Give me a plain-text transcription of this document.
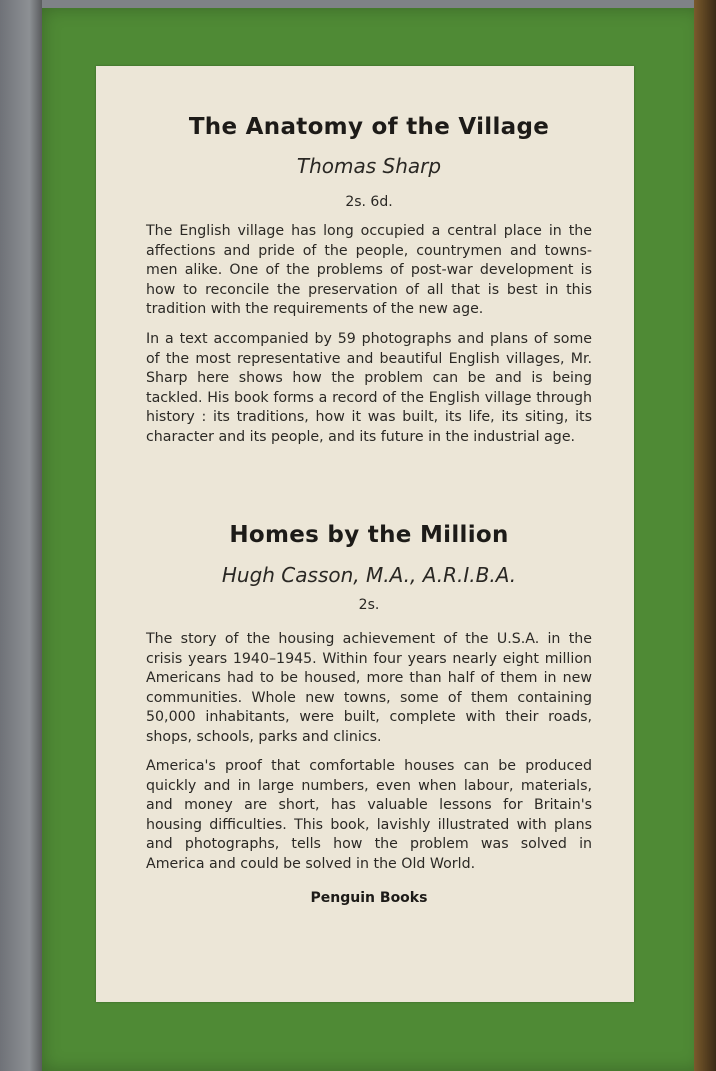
The Anatomy of the Village

Thomas Sharp

2s. 6d.

The English village has long occupied a central place in the affections and pride of the people, countrymen and towns-men alike. One of the problems of post-war development is how to reconcile the preservation of all that is best in this tradition with the requirements of the new age.

In a text accompanied by 59 photographs and plans of some of the most representative and beautiful English villages, Mr. Sharp here shows how the problem can be and is being tackled. His book forms a record of the English village through history : its traditions, how it was built, its life, its siting, its character and its people, and its future in the industrial age.

Homes by the Million

Hugh Casson, M.A., A.R.I.B.A.

2s.

The story of the housing achievement of the U.S.A. in the crisis years 1940–1945. Within four years nearly eight million Americans had to be housed, more than half of them in new communities. Whole new towns, some of them containing 50,000 inhabitants, were built, complete with their roads, shops, schools, parks and clinics.

America's proof that comfortable houses can be produced quickly and in large numbers, even when labour, materials, and money are short, has valuable lessons for Britain's housing difficulties. This book, lavishly illustrated with plans and photographs, tells how the problem was solved in America and could be solved in the Old World.

Penguin Books
